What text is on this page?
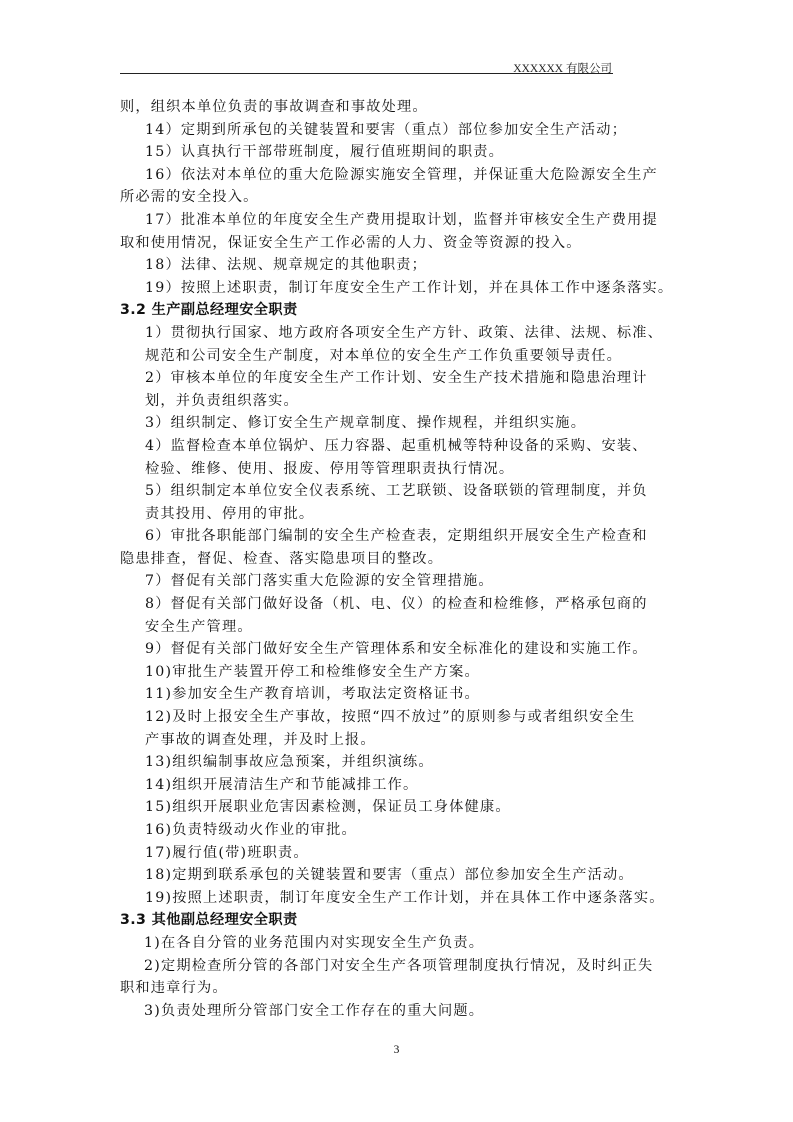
XXXXXX 有限公司
则，组织本单位负责的事故调查和事故处理。
14）定期到所承包的关键装置和要害（重点）部位参加安全生产活动；
15）认真执行干部带班制度，履行值班期间的职责。
16）依法对本单位的重大危险源实施安全管理，并保证重大危险源安全生产
所必需的安全投入。
17）批准本单位的年度安全生产费用提取计划，监督并审核安全生产费用提
取和使用情况，保证安全生产工作必需的人力、资金等资源的投入。
18）法律、法规、规章规定的其他职责；
19）按照上述职责，制订年度安全生产工作计划，并在具体工作中逐条落实。
3.2 生产副总经理安全职责
1）贯彻执行国家、地方政府各项安全生产方针、政策、法律、法规、标准、
规范和公司安全生产制度，对本单位的安全生产工作负重要领导责任。
2）审核本单位的年度安全生产工作计划、安全生产技术措施和隐患治理计
划，并负责组织落实。
3）组织制定、修订安全生产规章制度、操作规程，并组织实施。
4）监督检查本单位锅炉、压力容器、起重机械等特种设备的采购、安装、
检验、维修、使用、报废、停用等管理职责执行情况。
5）组织制定本单位安全仪表系统、工艺联锁、设备联锁的管理制度，并负
责其投用、停用的审批。
6）审批各职能部门编制的安全生产检查表，定期组织开展安全生产检查和
隐患排查，督促、检查、落实隐患项目的整改。
7）督促有关部门落实重大危险源的安全管理措施。
8）督促有关部门做好设备（机、电、仪）的检查和检维修，严格承包商的
安全生产管理。
9）督促有关部门做好安全生产管理体系和安全标准化的建设和实施工作。
10)审批生产装置开停工和检维修安全生产方案。
11)参加安全生产教育培训，考取法定资格证书。
12)及时上报安全生产事故，按照“四不放过”的原则参与或者组织安全生
产事故的调查处理，并及时上报。
13)组织编制事故应急预案，并组织演练。
14)组织开展清洁生产和节能减排工作。
15)组织开展职业危害因素检测，保证员工身体健康。
16)负责特级动火作业的审批。
17)履行值(带)班职责。
18)定期到联系承包的关键装置和要害（重点）部位参加安全生产活动。
19)按照上述职责，制订年度安全生产工作计划，并在具体工作中逐条落实。
3.3 其他副总经理安全职责
1)在各自分管的业务范围内对实现安全生产负责。
2)定期检查所分管的各部门对安全生产各项管理制度执行情况，及时纠正失
职和违章行为。
3)负责处理所分管部门安全工作存在的重大问题。
3
